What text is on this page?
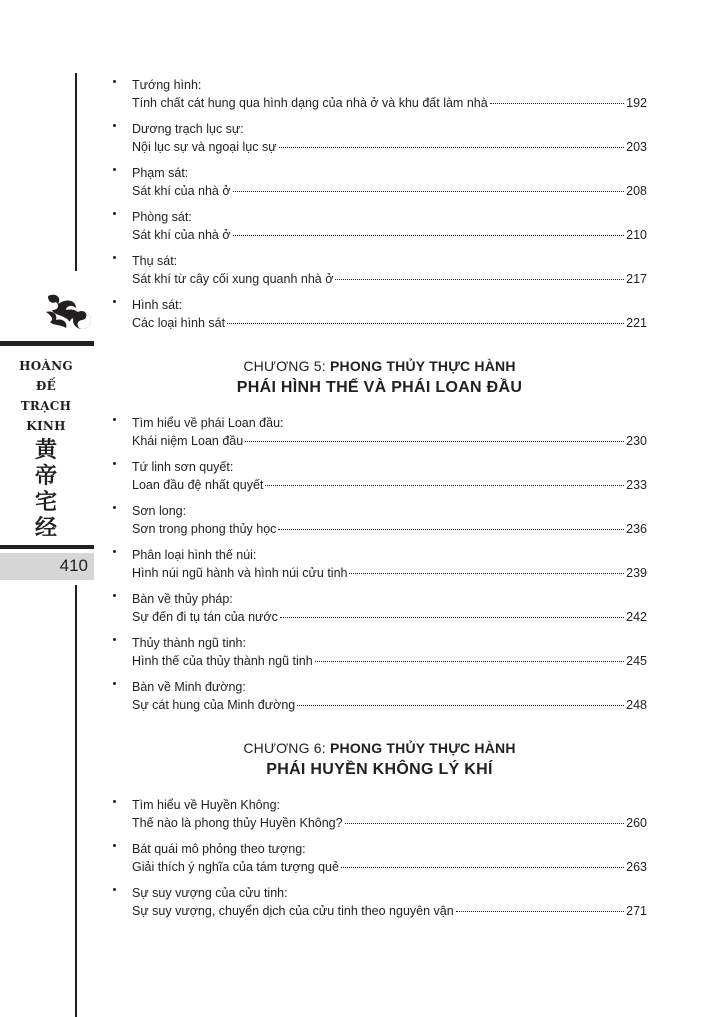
HOÀNG
ĐẾ
TRẠCH
KINH
黄
帝
宅
经
410
Tướng hình:
Tính chất cát hung qua hình dạng của nhà ở và khu đất làm nhà	192
Dương trạch lục sự:
Nội lục sự và ngoại lục sự	203
Phạm sát:
Sát khí của nhà ở	208
Phòng sát:
Sát khí của nhà ở	210
Thụ sát:
Sát khí từ cây cối xung quanh nhà ở	217
Hình sát:
Các loại hình sát	221
CHƯƠNG 5: PHONG THỦY THỰC HÀNH
PHÁI HÌNH THẾ VÀ PHÁI LOAN ĐẦU
Tìm hiểu về phái Loan đầu:
Khái niệm Loan đầu	230
Tứ linh sơn quyết:
Loan đầu đệ nhất quyết	233
Sơn long:
Sơn trong phong thủy học	236
Phân loại hình thế núi:
Hình núi ngũ hành và hình núi cửu tinh	239
Bàn về thủy pháp:
Sự đến đi tụ tán của nước	242
Thủy thành ngũ tinh:
Hình thế của thủy thành ngũ tinh	245
Bàn về Minh đường:
Sự cát hung của Minh đường	248
CHƯƠNG 6: PHONG THỦY THỰC HÀNH
PHÁI HUYỀN KHÔNG LÝ KHÍ
Tìm hiểu về Huyền Không:
Thế nào là phong thủy Huyền Không?	260
Bát quái mô phỏng theo tượng:
Giải thích ý nghĩa của tám tượng quẻ	263
Sự suy vượng của cửu tinh:
Sự suy vượng, chuyển dịch của cửu tinh theo nguyên vận	271
